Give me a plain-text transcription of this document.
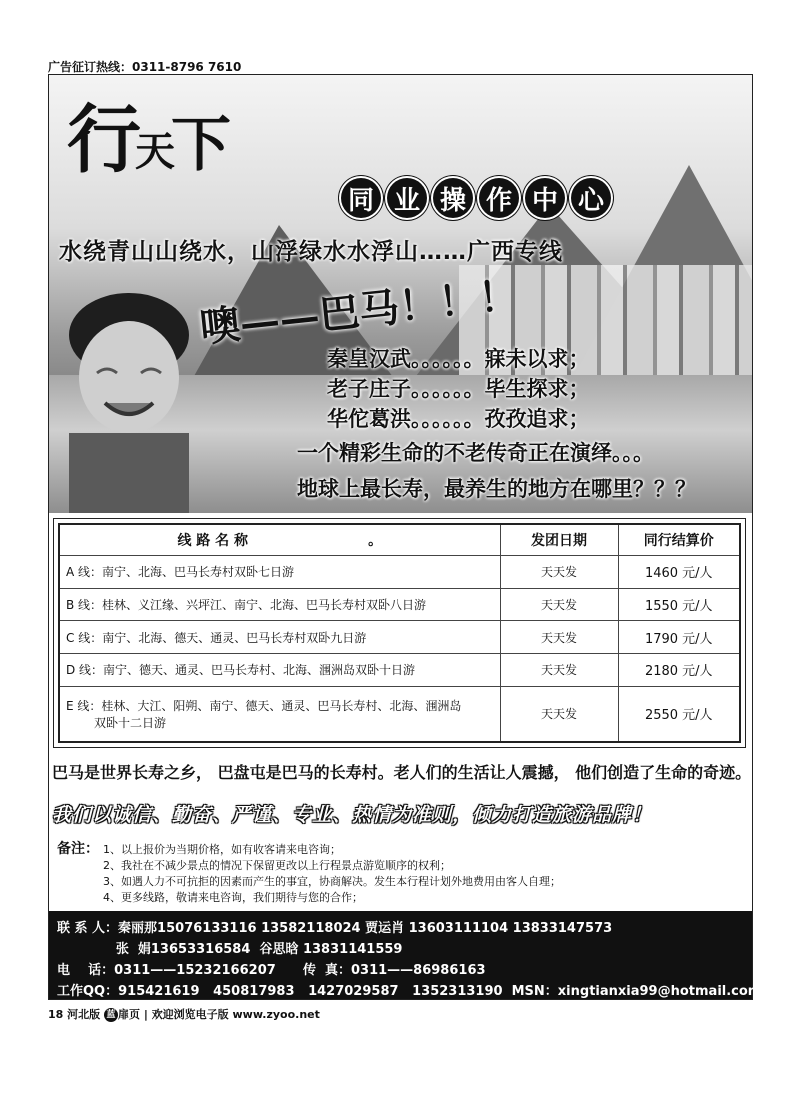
广告征订热线：0311-8796 7610
行天下
同 业 操 作 中 心
水绕青山山绕水，山浮绿水水浮山……广西专线
噢——巴马！！！
秦皇汉武。。。。。。寐未以求；
老子庄子。。。。。。毕生探求；
华佗葛洪。。。。。。孜孜追求；
一个精彩生命的不老传奇正在演绎。。。
地球上最长寿，最养生的地方在哪里？？？
线 路 名 称 。	发团日期	同行结算价
A 线：南宁、北海、巴马长寿村双卧七日游	天天发	1460 元/人
B 线：桂林、义江缘、兴坪江、南宁、北海、巴马长寿村双卧八日游	天天发	1550 元/人
C 线：南宁、北海、德天、通灵、巴马长寿村双卧九日游	天天发	1790 元/人
D 线：南宁、德天、通灵、巴马长寿村、北海、涠洲岛双卧十日游	天天发	2180 元/人

E 线：桂林、大江、阳朔、南宁、德天、通灵、巴马长寿村、北海、涠洲岛
双卧十二日游	天天发	2550 元/人
巴马是世界长寿之乡， 巴盘屯是巴马的长寿村。老人们的生活让人震撼， 他们创造了生命的奇迹。
我们以诚信、勤奋、严谨、专业、热情为准则，倾力打造旅游品牌！
备注： 1、以上报价为当期价格，如有收客请来电咨询；
2、我社在不减少景点的情况下保留更改以上行程景点游览顺序的权利；
3、如遇人力不可抗拒的因素而产生的事宜，协商解决。发生本行程计划外地费用由客人自理；
4、更多线路，敬请来电咨询，我们期待与您的合作；
联 系 人：秦丽那15076133116 13582118024 贾运肖 13603111104 13833147573
张  娟13653316584  谷思晗 13831141559
电    话：0311——15232166207      传  真：0311——86986163
工作QQ：915421619   450817983   1427029587   1352313190  MSN：xingtianxia99@hotmail.com
18 河北版 蓝 扉页 | 欢迎浏览电子版 www.zyoo.net
